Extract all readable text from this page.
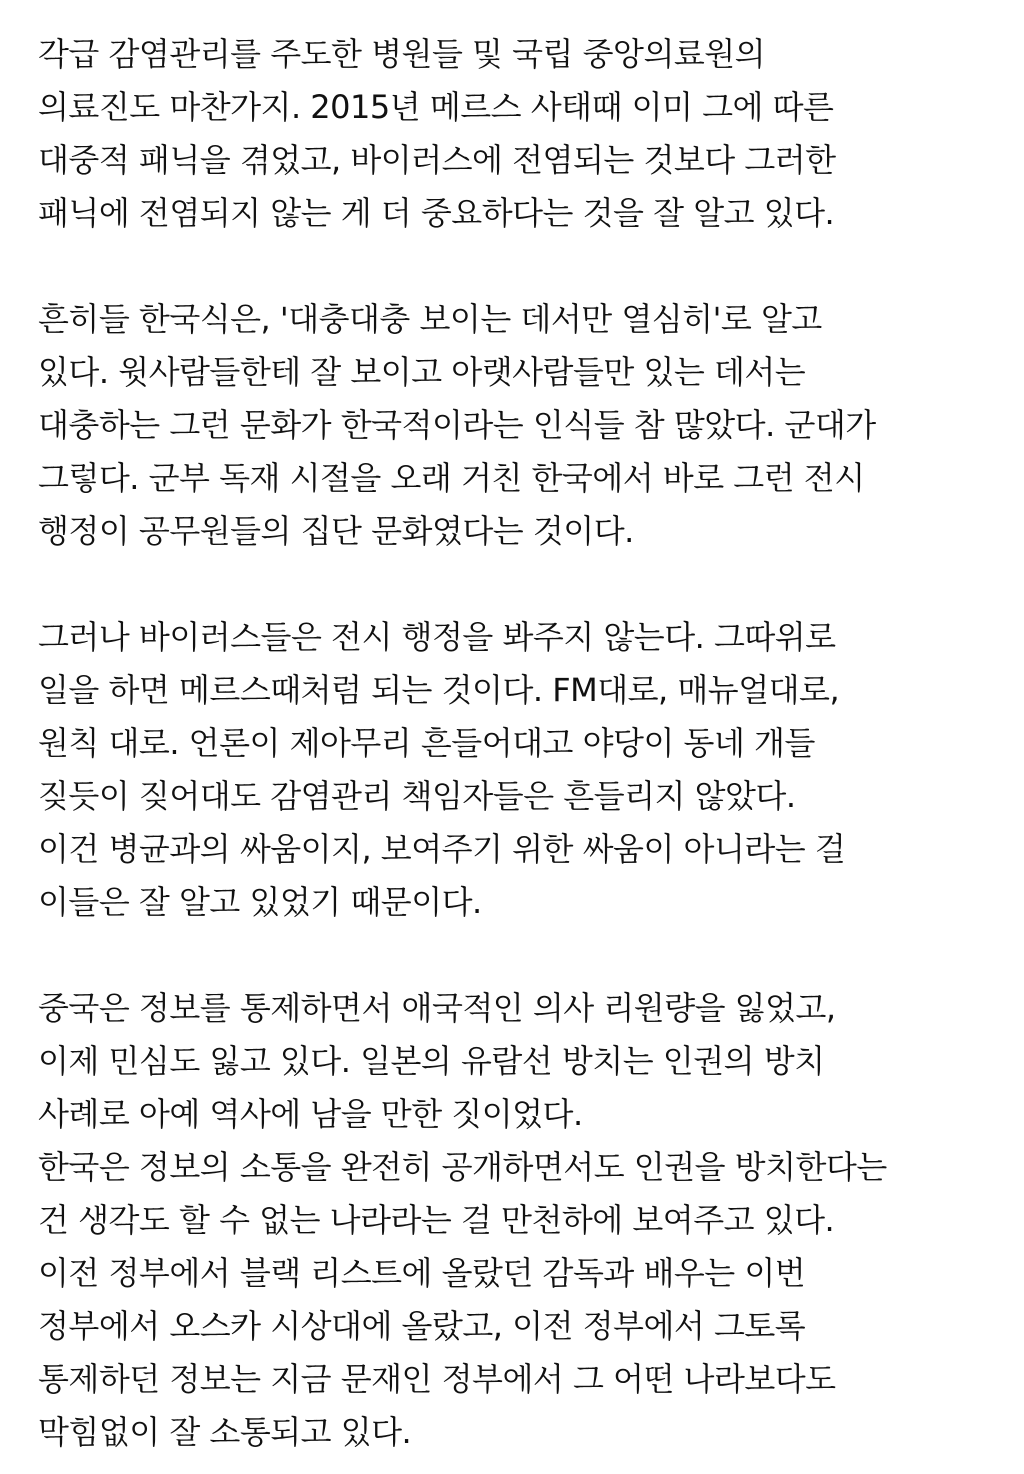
각급 감염관리를 주도한 병원들 및 국립 중앙의료원의
의료진도 마찬가지. 2015년 메르스 사태때 이미 그에 따른
대중적 패닉을 겪었고, 바이러스에 전염되는 것보다 그러한
패닉에 전염되지 않는 게 더 중요하다는 것을 잘 알고 있다.
흔히들 한국식은, '대충대충 보이는 데서만 열심히'로 알고
있다. 윗사람들한테 잘 보이고 아랫사람들만 있는 데서는
대충하는 그런 문화가 한국적이라는 인식들 참 많았다. 군대가
그렇다. 군부 독재 시절을 오래 거친 한국에서 바로 그런 전시
행정이 공무원들의 집단 문화였다는 것이다.
그러나 바이러스들은 전시 행정을 봐주지 않는다. 그따위로
일을 하면 메르스때처럼 되는 것이다. FM대로, 매뉴얼대로,
원칙 대로. 언론이 제아무리 흔들어대고 야당이 동네 개들
짖듯이 짖어대도 감염관리 책임자들은 흔들리지 않았다.
이건 병균과의 싸움이지, 보여주기 위한 싸움이 아니라는 걸
이들은 잘 알고 있었기 때문이다.
중국은 정보를 통제하면서 애국적인 의사 리원량을 잃었고,
이제 민심도 잃고 있다. 일본의 유람선 방치는 인권의 방치
사례로 아예 역사에 남을 만한 짓이었다.
한국은 정보의 소통을 완전히 공개하면서도 인권을 방치한다는
건 생각도 할 수 없는 나라라는 걸 만천하에 보여주고 있다.
이전 정부에서 블랙 리스트에 올랐던 감독과 배우는 이번
정부에서 오스카 시상대에 올랐고, 이전 정부에서 그토록
통제하던 정보는 지금 문재인 정부에서 그 어떤 나라보다도
막힘없이 잘 소통되고 있다.
